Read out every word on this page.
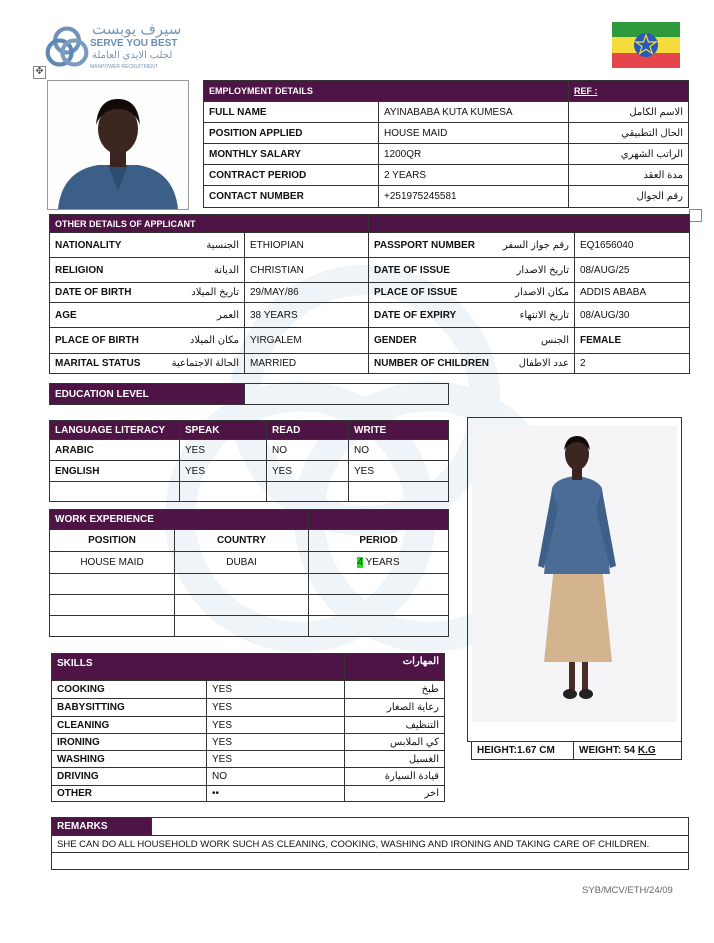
سيرف يوبست
SERVE YOU BEST
لجلب الايدي العاملة
MANPOWER RECRUITMENT
✥
EMPLOYMENT DETAILS		REF :
FULL NAME	AYINABABA KUTA KUMESA	الاسم الكامل
POSITION APPLIED	HOUSE MAID	الحال التطبيقي
MONTHLY SALARY	1200QR	الراتب الشهري
CONTRACT PERIOD	2 YEARS	مدة العقد
CONTACT NUMBER	+251975245581	رقم الجوال
OTHER DETAILS OF APPLICANT			
NATIONALITY الجنسية	ETHIOPIAN	PASSPORT NUMBER رقم جواز السفر	EQ1656040
RELIGION الديانة	CHRISTIAN	DATE OF ISSUE تاريخ الاصدار	08/AUG/25
DATE OF BIRTH تاريخ الميلاد	29/MAY/86	PLACE OF ISSUE مكان الاصدار	ADDIS ABABA
AGE العمر	38 YEARS	DATE OF EXPIRY تاريخ الانتهاء	08/AUG/30
PLACE OF BIRTH مكان الميلاد	YIRGALEM	GENDER الجنس	FEMALE
MARITAL STATUS الحالة الاجتماعية	MARRIED	NUMBER OF CHILDREN عدد الاطفال	2
EDUCATION LEVEL	
LANGUAGE LITERACY	SPEAK	READ	WRITE
ARABIC	YES	NO	NO
ENGLISH	YES	YES	YES

WORK EXPERIENCE		
POSITION	COUNTRY	PERIOD
HOUSE MAID	DUBAI	4 YEARS

SKILLS		المهارات
COOKING	YES	طبخ
BABYSITTING	YES	رعاية الصغار
CLEANING	YES	التنظيف
IRONING	YES	كي الملابس
WASHING	YES	الغسيل
DRIVING	NO	قيادة السيارة
OTHER	••	اخر
HEIGHT:1.67 CM	WEIGHT: 54 K.G
REMARKS	
SHE CAN DO ALL HOUSEHOLD WORK SUCH AS CLEANING, COOKING, WASHING AND IRONING AND TAKING CARE OF CHILDREN.

SYB/MCV/ETH/24/09
